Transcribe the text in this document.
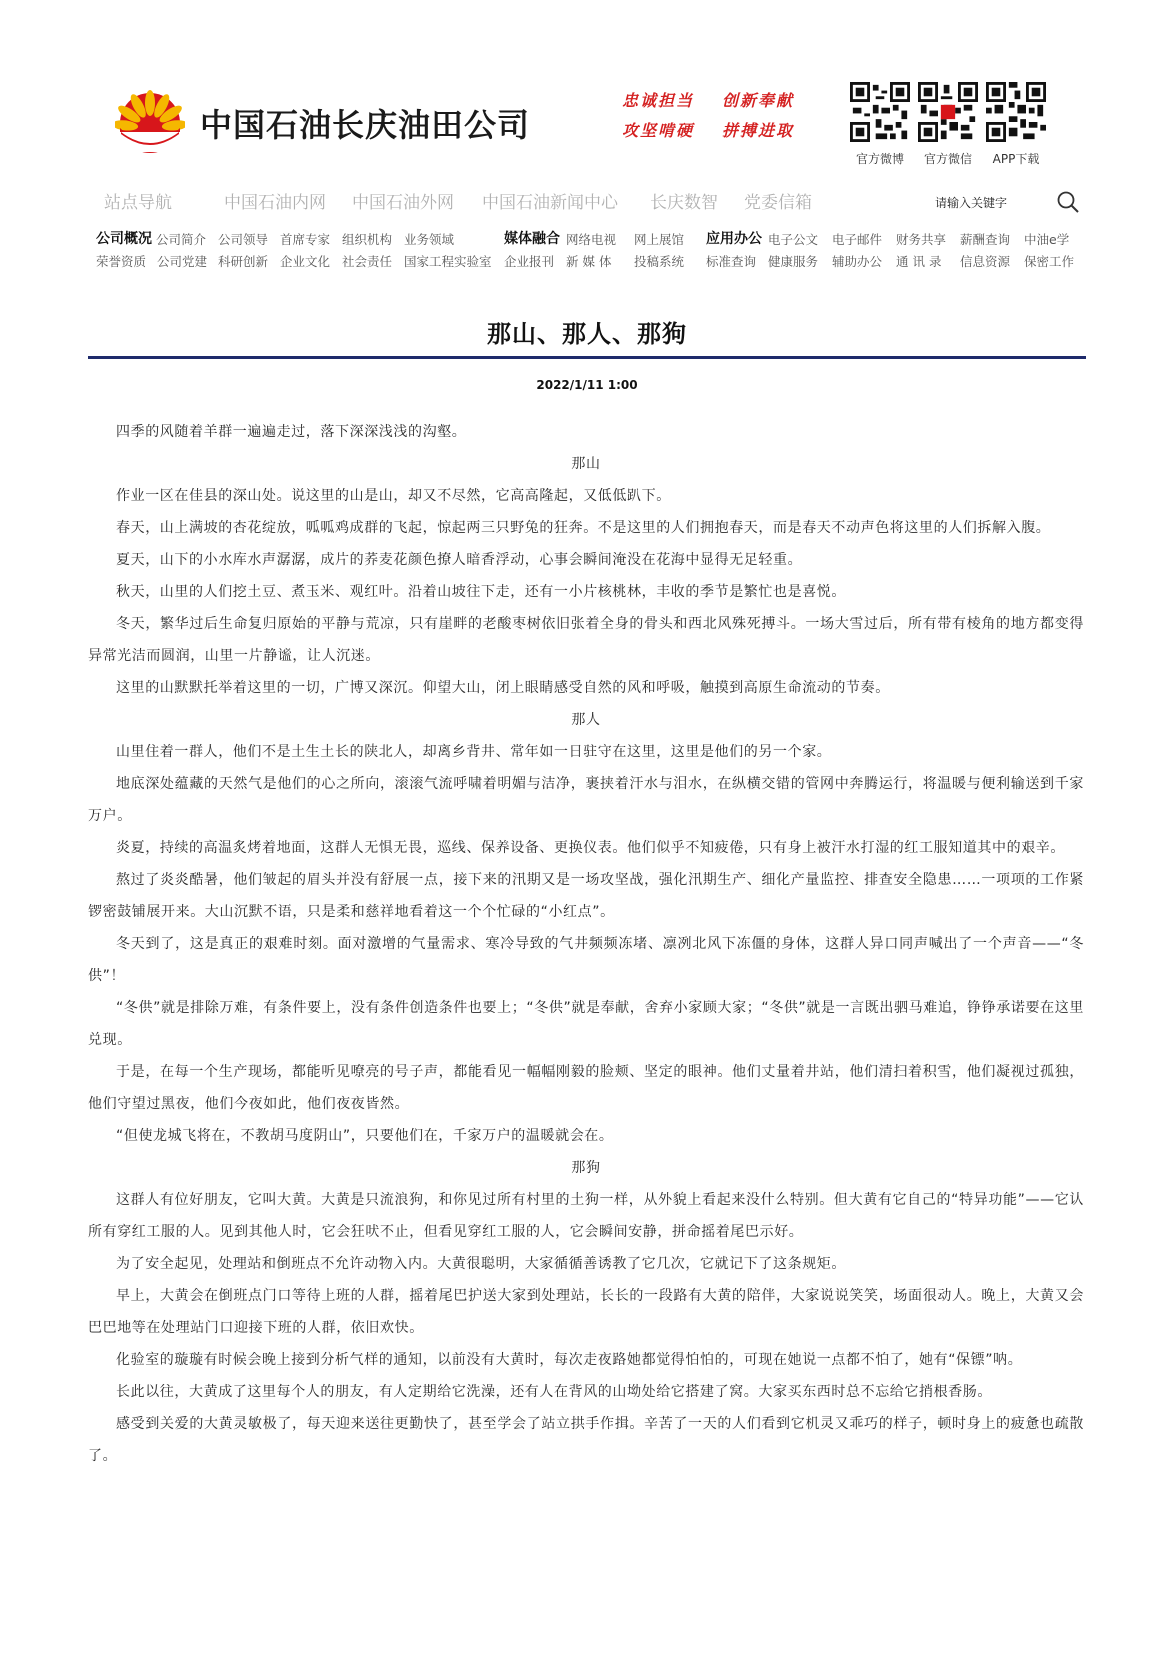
中国石油长庆油田公司
忠诚担当 创新奉献
攻坚啃硬 拼搏进取
官方微博	官方微信	APP下载
站点导航	中国石油内网 中国石油外网 中国石油新闻中心 长庆数智 党委信箱	请输入关键字
公司概况 公司简介 公司领导 首席专家 组织机构 业务领域	媒体融合 网络电视 网上展馆 应用办公 电子公文 电子邮件 财务共享 薪酬查询 中油e学
荣誉资质 公司党建 科研创新 企业文化 社会责任 国家工程实验室 企业报刊 新 媒 体 投稿系统 标准查询 健康服务 辅助办公 通 讯 录 信息资源 保密工作
那山、那人、那狗
2022/1/11 1:00

四季的风随着羊群一遍遍走过，落下深深浅浅的沟壑。

那山

作业一区在佳县的深山处。说这里的山是山，却又不尽然，它高高隆起，又低低趴下。

春天，山上满坡的杏花绽放，呱呱鸡成群的飞起，惊起两三只野兔的狂奔。不是这里的人们拥抱春天，而是春天不动声色将这里的人们拆解入腹。

夏天，山下的小水库水声潺潺，成片的荞麦花颜色撩人暗香浮动，心事会瞬间淹没在花海中显得无足轻重。

秋天，山里的人们挖土豆、煮玉米、观红叶。沿着山坡往下走，还有一小片核桃林，丰收的季节是繁忙也是喜悦。

冬天，繁华过后生命复归原始的平静与荒凉，只有崖畔的老酸枣树依旧张着全身的骨头和西北风殊死搏斗。一场大雪过后，所有带有棱角的地方都变得异常光洁而圆润，山里一片静谧，让人沉迷。

这里的山默默托举着这里的一切，广博又深沉。仰望大山，闭上眼睛感受自然的风和呼吸，触摸到高原生命流动的节奏。

那人

山里住着一群人，他们不是土生土长的陕北人，却离乡背井、常年如一日驻守在这里，这里是他们的另一个家。

地底深处蕴藏的天然气是他们的心之所向，滚滚气流呼啸着明媚与洁净，裹挟着汗水与泪水，在纵横交错的管网中奔腾运行，将温暖与便利输送到千家万户。

炎夏，持续的高温炙烤着地面，这群人无惧无畏，巡线、保养设备、更换仪表。他们似乎不知疲倦，只有身上被汗水打湿的红工服知道其中的艰辛。

熬过了炎炎酷暑，他们皱起的眉头并没有舒展一点，接下来的汛期又是一场攻坚战，强化汛期生产、细化产量监控、排查安全隐患……一项项的工作紧锣密鼓铺展开来。大山沉默不语，只是柔和慈祥地看着这一个个忙碌的“小红点”。

冬天到了，这是真正的艰难时刻。面对激增的气量需求、寒冷导致的气井频频冻堵、凛冽北风下冻僵的身体，这群人异口同声喊出了一个声音——“冬供”！

“冬供”就是排除万难，有条件要上，没有条件创造条件也要上；“冬供”就是奉献，舍弃小家顾大家；“冬供”就是一言既出驷马难追，铮铮承诺要在这里兑现。

于是，在每一个生产现场，都能听见嘹亮的号子声，都能看见一幅幅刚毅的脸颊、坚定的眼神。他们丈量着井站，他们清扫着积雪，他们凝视过孤独，他们守望过黑夜，他们今夜如此，他们夜夜皆然。

“但使龙城飞将在，不教胡马度阴山”，只要他们在，千家万户的温暖就会在。

那狗

这群人有位好朋友，它叫大黄。大黄是只流浪狗，和你见过所有村里的土狗一样，从外貌上看起来没什么特别。但大黄有它自己的“特异功能”——它认所有穿红工服的人。见到其他人时，它会狂吠不止，但看见穿红工服的人，它会瞬间安静，拼命摇着尾巴示好。

为了安全起见，处理站和倒班点不允许动物入内。大黄很聪明，大家循循善诱教了它几次，它就记下了这条规矩。

早上，大黄会在倒班点门口等待上班的人群，摇着尾巴护送大家到处理站，长长的一段路有大黄的陪伴，大家说说笑笑，场面很动人。晚上，大黄又会巴巴地等在处理站门口迎接下班的人群，依旧欢快。

化验室的璇璇有时候会晚上接到分析气样的通知，以前没有大黄时，每次走夜路她都觉得怕怕的，可现在她说一点都不怕了，她有“保镖”呐。

长此以往，大黄成了这里每个人的朋友，有人定期给它洗澡，还有人在背风的山坳处给它搭建了窝。大家买东西时总不忘给它捎根香肠。

感受到关爱的大黄灵敏极了，每天迎来送往更勤快了，甚至学会了站立拱手作揖。辛苦了一天的人们看到它机灵又乖巧的样子，顿时身上的疲惫也疏散了。
